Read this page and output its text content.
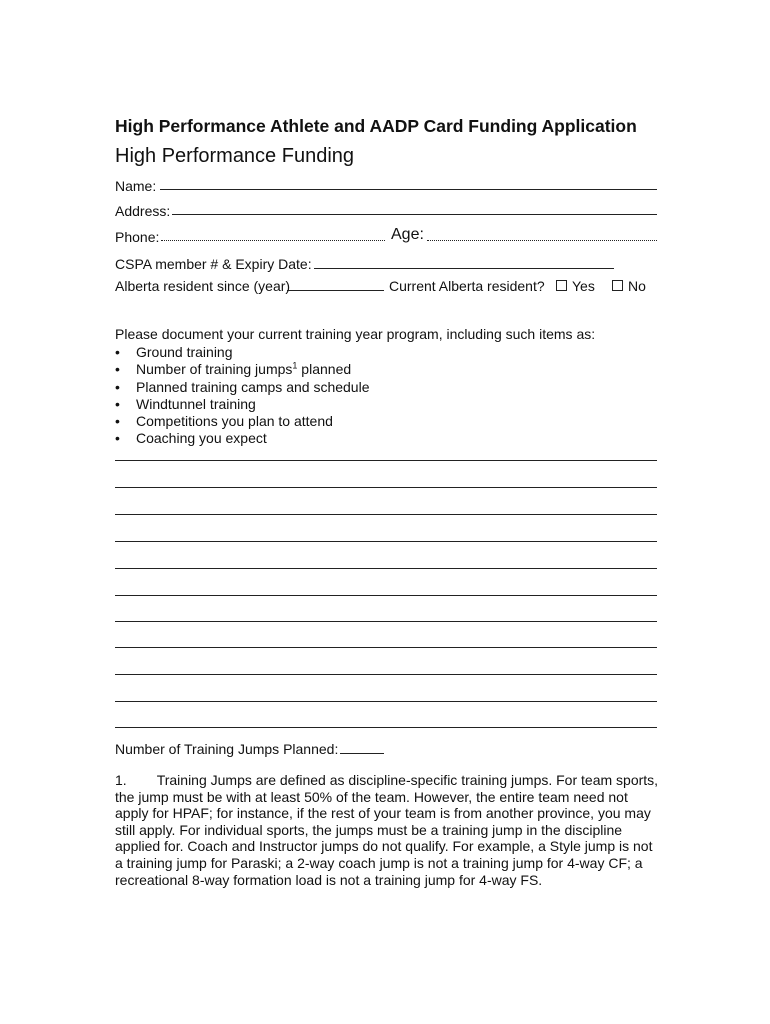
High Performance Athlete and AADP Card Funding Application
High Performance Funding
Name:
Address:
Phone:	Age:
CSPA member # & Expiry Date:
Alberta resident since (year)	Current Alberta resident?	Yes	No
Please document your current training year program, including such items as:
• Ground training
• Number of training jumps$^1$ planned
• Planned training camps and schedule
• Windtunnel training
• Competitions you plan to attend
• Coaching you expect
Number of Training Jumps Planned:
1. Training Jumps are defined as discipline-specific training jumps. For team sports, the jump must be with at least 50% of the team. However, the entire team need not apply for HPAF; for instance, if the rest of your team is from another province, you may still apply. For individual sports, the jumps must be a training jump in the discipline applied for. Coach and Instructor jumps do not qualify. For example, a Style jump is not a training jump for Paraski; a 2-way coach jump is not a training jump for 4-way CF; a recreational 8-way formation load is not a training jump for 4-way FS.
